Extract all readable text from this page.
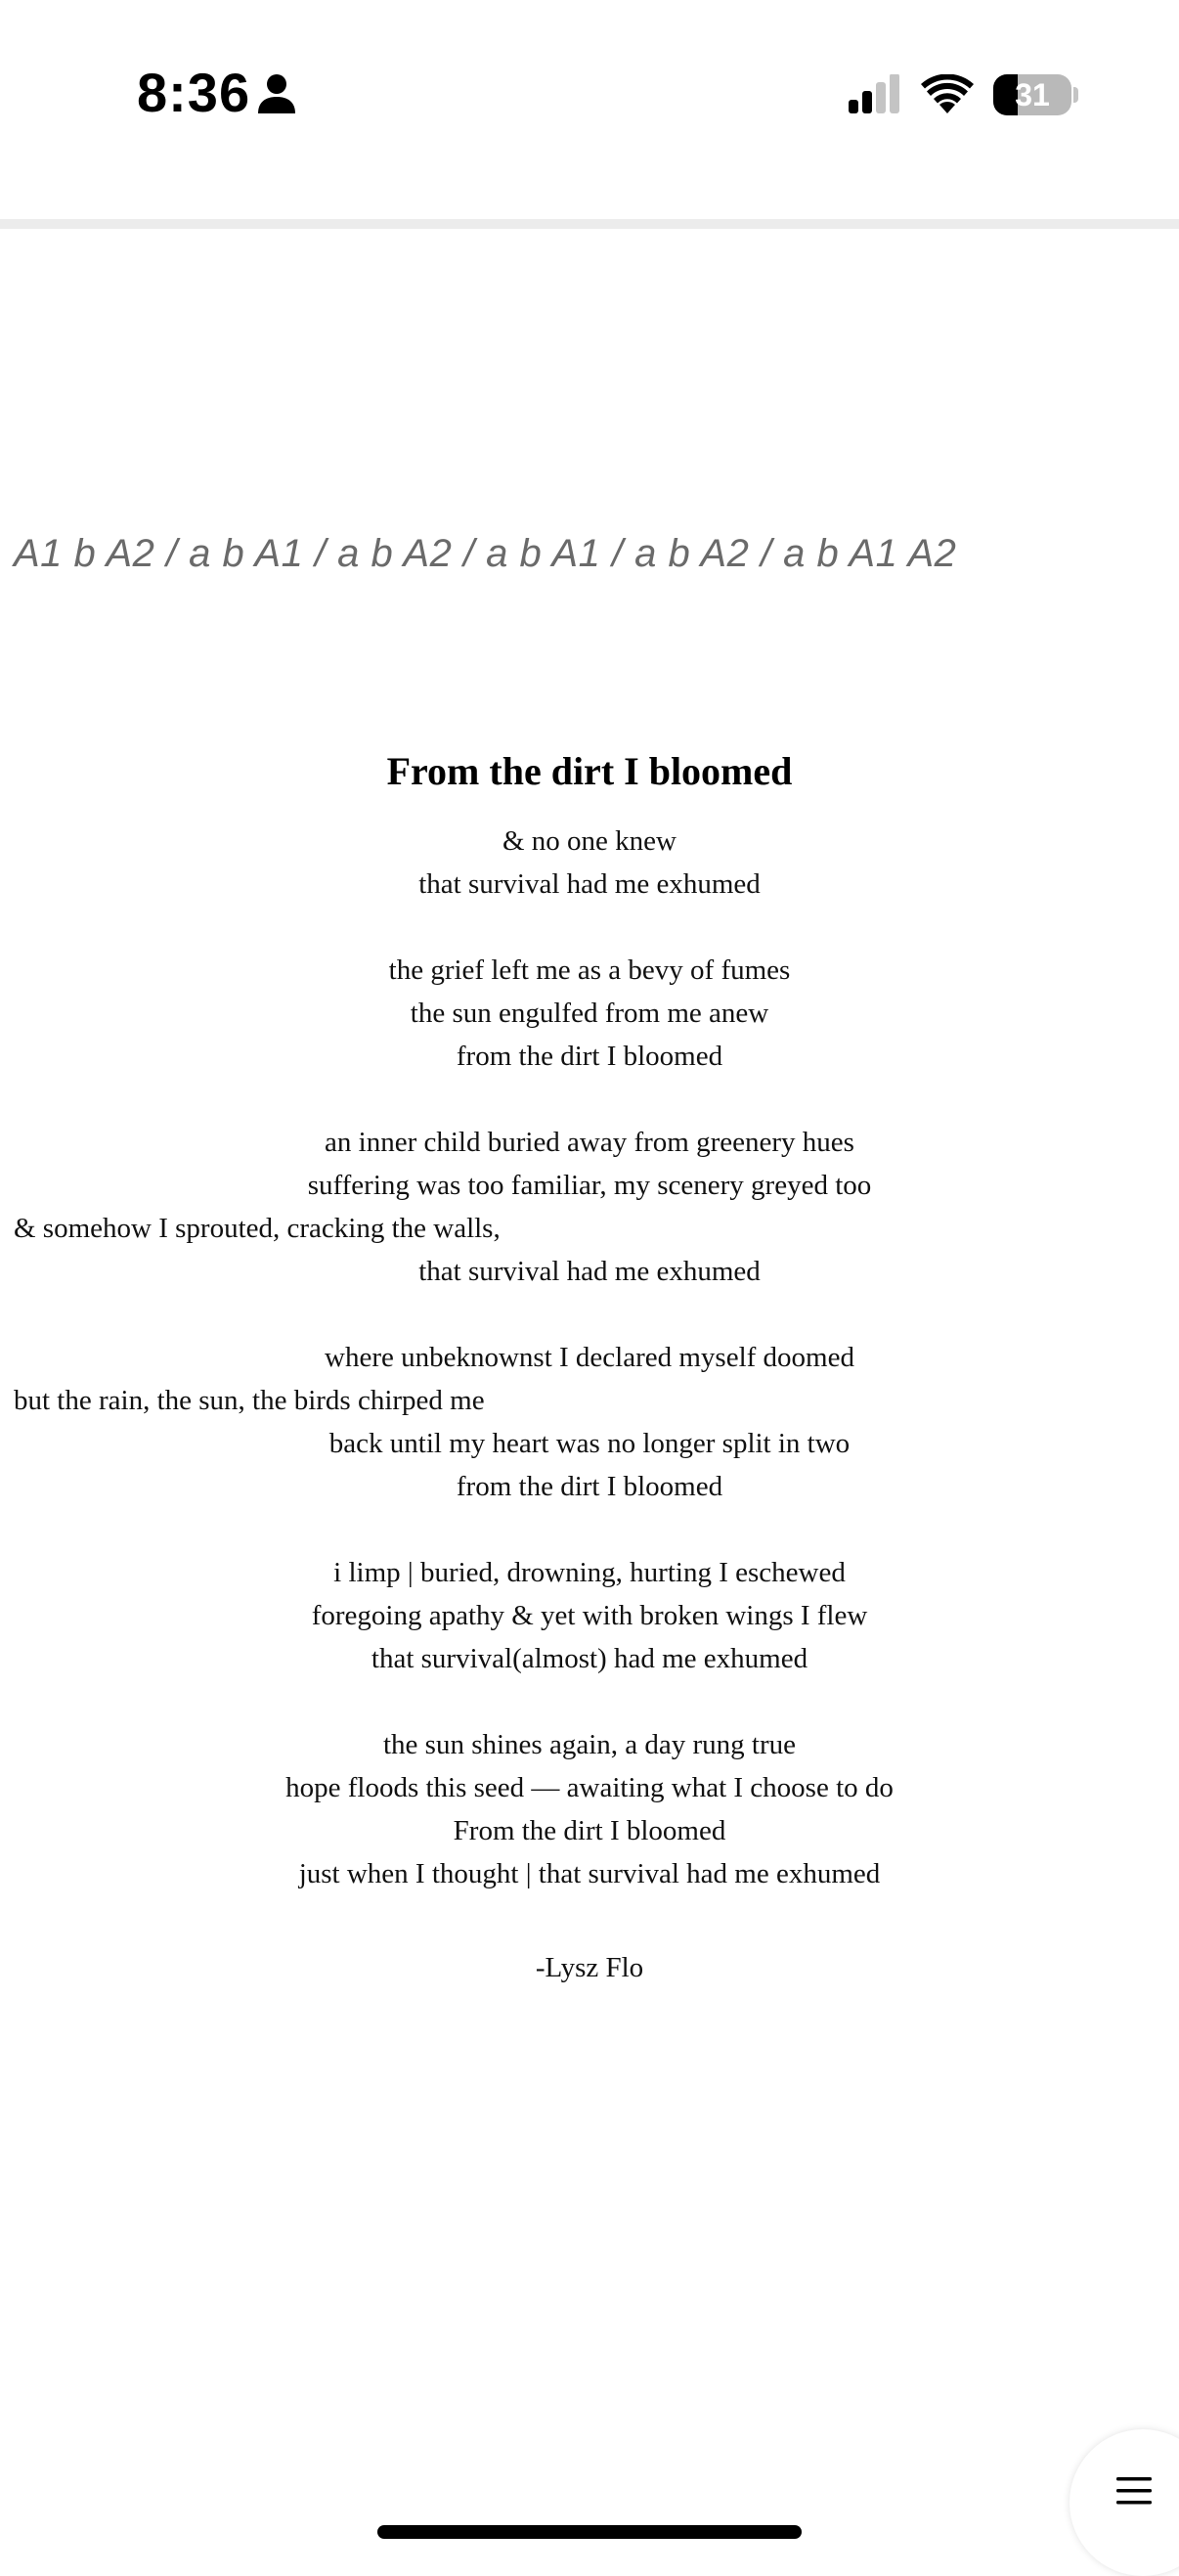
8:36	31
A1 b A2 / a b A1 / a b A2 / a b A1 / a b A2 / a b A1 A2
From the dirt I bloomed
& no one knew
that survival had me exhumed
the grief left me as a bevy of fumes
the sun engulfed from me anew
from the dirt I bloomed
an inner child buried away from greenery hues
suffering was too familiar, my scenery greyed too
& somehow I sprouted, cracking the walls,
that survival had me exhumed
where unbeknownst I declared myself doomed
but the rain, the sun, the birds chirped me
back until my heart was no longer split in two
from the dirt I bloomed
i limp | buried, drowning, hurting I eschewed
foregoing apathy & yet with broken wings I flew
that survival(almost) had me exhumed
the sun shines again, a day rung true
hope floods this seed — awaiting what I choose to do
From the dirt I bloomed
just when I thought | that survival had me exhumed
-Lysz Flo
